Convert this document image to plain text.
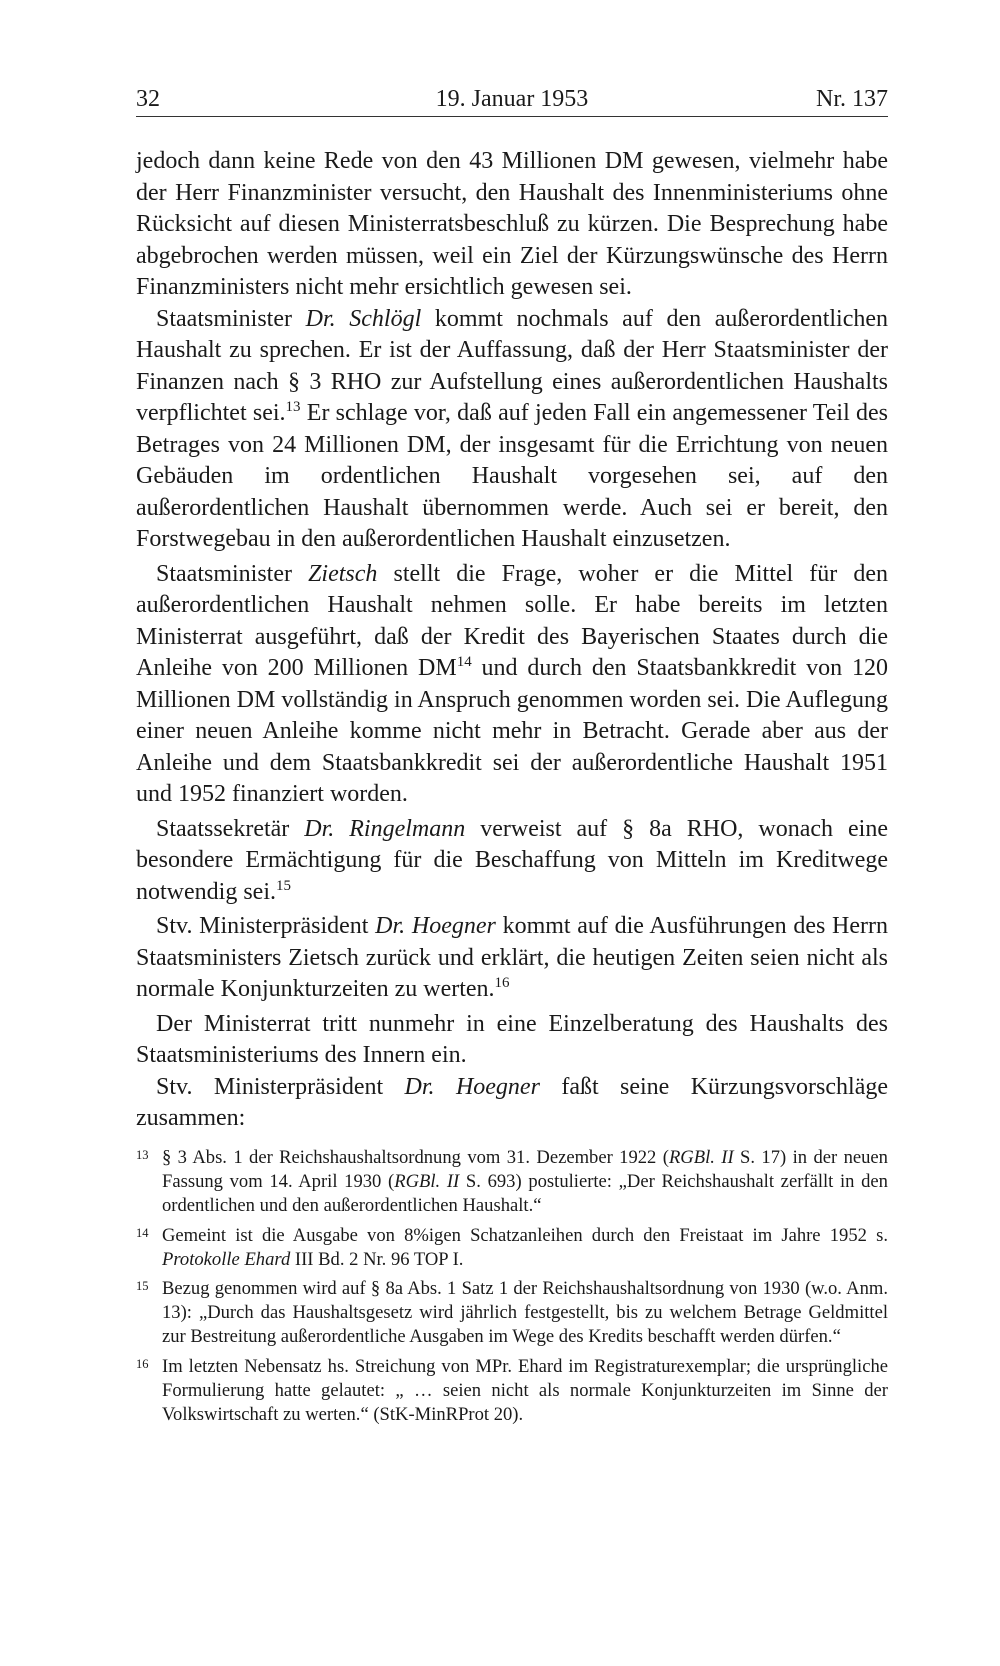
32	19. Januar 1953	Nr. 137

jedoch dann keine Rede von den 43 Millionen DM gewesen, vielmehr habe der Herr Finanzminister versucht, den Haushalt des Innenministeriums ohne Rücksicht auf diesen Ministerratsbeschluß zu kürzen. Die Besprechung habe abgebrochen werden müssen, weil ein Ziel der Kürzungswünsche des Herrn Finanzministers nicht mehr ersichtlich gewesen sei.

Staatsminister Dr. Schlögl kommt nochmals auf den außerordentlichen Haushalt zu sprechen. Er ist der Auffassung, daß der Herr Staatsminister der Finanzen nach § 3 RHO zur Aufstellung eines außerordentlichen Haushalts verpflichtet sei.$^{13}$ Er schlage vor, daß auf jeden Fall ein angemessener Teil des Betrages von 24 Millionen DM, der insgesamt für die Errichtung von neuen Gebäuden im ordentlichen Haushalt vorgesehen sei, auf den außerordentlichen Haushalt übernommen werde. Auch sei er bereit, den Forstwegebau in den außerordentlichen Haushalt einzusetzen.

Staatsminister Zietsch stellt die Frage, woher er die Mittel für den außerordentlichen Haushalt nehmen solle. Er habe bereits im letzten Ministerrat ausgeführt, daß der Kredit des Bayerischen Staates durch die Anleihe von 200 Millionen DM$^{14}$ und durch den Staatsbankkredit von 120 Millionen DM vollständig in Anspruch genommen worden sei. Die Auflegung einer neuen Anleihe komme nicht mehr in Betracht. Gerade aber aus der Anleihe und dem Staatsbankkredit sei der außerordentliche Haushalt 1951 und 1952 finanziert worden.

Staatssekretär Dr. Ringelmann verweist auf § 8a RHO, wonach eine besondere Ermächtigung für die Beschaffung von Mitteln im Kreditwege notwendig sei.$^{15}$

Stv. Ministerpräsident Dr. Hoegner kommt auf die Ausführungen des Herrn Staatsministers Zietsch zurück und erklärt, die heutigen Zeiten seien nicht als normale Konjunkturzeiten zu werten.$^{16}$

Der Ministerrat tritt nunmehr in eine Einzelberatung des Haushalts des Staatsministeriums des Innern ein.

Stv. Ministerpräsident Dr. Hoegner faßt seine Kürzungsvorschläge zusammen:

13 § 3 Abs. 1 der Reichshaushaltsordnung vom 31. Dezember 1922 (RGBl. II S. 17) in der neuen Fassung vom 14. April 1930 (RGBl. II S. 693) postulierte: „Der Reichshaushalt zerfällt in den ordentlichen und den außerordentlichen Haushalt.“
14 Gemeint ist die Ausgabe von 8%igen Schatzanleihen durch den Freistaat im Jahre 1952 s. Protokolle Ehard III Bd. 2 Nr. 96 TOP I.
15 Bezug genommen wird auf § 8a Abs. 1 Satz 1 der Reichshaushaltsordnung von 1930 (w.o. Anm. 13): „Durch das Haushaltsgesetz wird jährlich festgestellt, bis zu welchem Betrage Geldmittel zur Bestreitung außerordentliche Ausgaben im Wege des Kredits beschafft werden dürfen.“
16 Im letzten Nebensatz hs. Streichung von MPr. Ehard im Registraturexemplar; die ursprüngliche Formulierung hatte gelautet: „ … seien nicht als normale Konjunkturzeiten im Sinne der Volkswirtschaft zu werten.“ (StK-MinRProt 20).
